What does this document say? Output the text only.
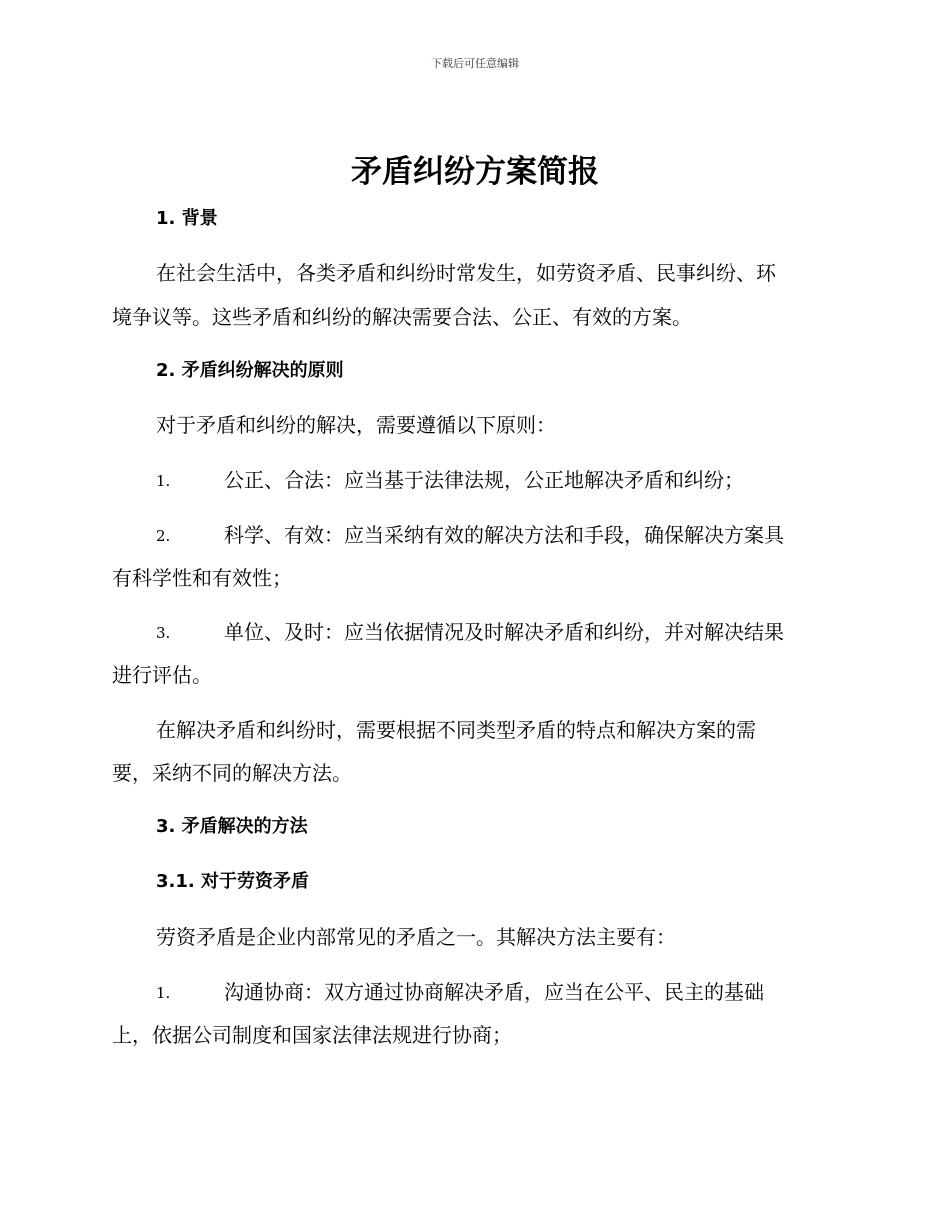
下载后可任意编辑
矛盾纠纷方案简报
1. 背景
在社会生活中，各类矛盾和纠纷时常发生，如劳资矛盾、民事纠纷、环
境争议等。这些矛盾和纠纷的解决需要合法、公正、有效的方案。
2. 矛盾纠纷解决的原则
对于矛盾和纠纷的解决，需要遵循以下原则：
1.	公正、合法：应当基于法律法规，公正地解决矛盾和纠纷；
2.	科学、有效：应当采纳有效的解决方法和手段，确保解决方案具
有科学性和有效性；
3.	单位、及时：应当依据情况及时解决矛盾和纠纷，并对解决结果
进行评估。
在解决矛盾和纠纷时，需要根据不同类型矛盾的特点和解决方案的需
要，采纳不同的解决方法。
3. 矛盾解决的方法
3.1. 对于劳资矛盾
劳资矛盾是企业内部常见的矛盾之一。其解决方法主要有：
1.	沟通协商：双方通过协商解决矛盾，应当在公平、民主的基础
上，依据公司制度和国家法律法规进行协商；
